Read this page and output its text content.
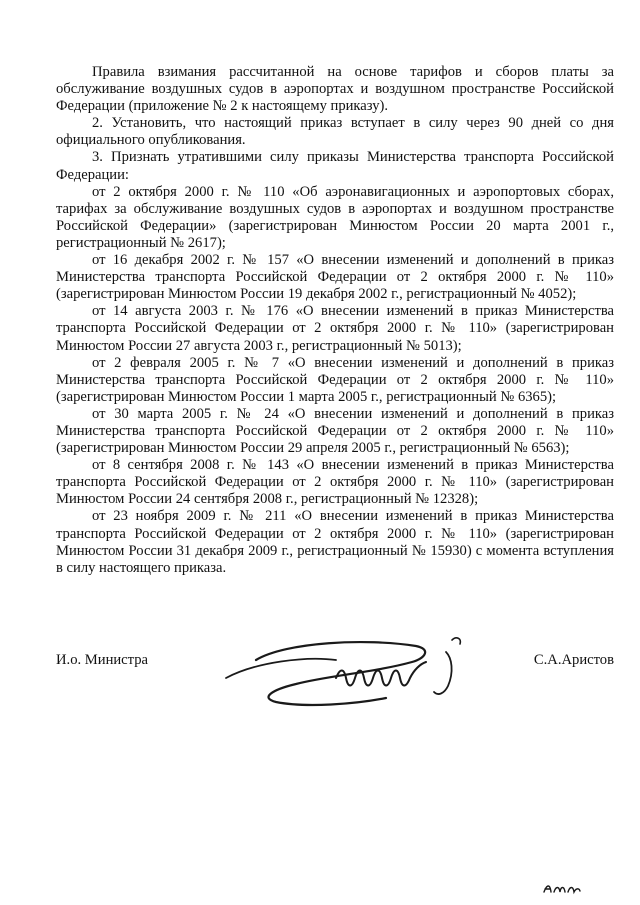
Правила взимания рассчитанной на основе тарифов и сборов платы за обслуживание воздушных судов в аэропортах и воздушном пространстве Российской Федерации (приложение № 2 к настоящему приказу).

2. Установить, что настоящий приказ вступает в силу через 90 дней со дня официального опубликования.

3. Признать утратившими силу приказы Министерства транспорта Российской Федерации:

от 2 октября 2000 г. № 110 «Об аэронавигационных и аэропортовых сборах, тарифах за обслуживание воздушных судов в аэропортах и воздушном пространстве Российской Федерации» (зарегистрирован Минюстом России 20 марта 2001 г., регистрационный № 2617);

от 16 декабря 2002 г. № 157 «О внесении изменений и дополнений в приказ Министерства транспорта Российской Федерации от 2 октября 2000 г. № 110» (зарегистрирован Минюстом России 19 декабря 2002 г., регистрационный № 4052);

от 14 августа 2003 г. № 176 «О внесении изменений в приказ Министерства транспорта Российской Федерации от 2 октября 2000 г. № 110» (зарегистрирован Минюстом России 27 августа 2003 г., регистрационный № 5013);

от 2 февраля 2005 г. № 7 «О внесении изменений и дополнений в приказ Министерства транспорта Российской Федерации от 2 октября 2000 г. № 110» (зарегистрирован Минюстом России 1 марта 2005 г., регистрационный № 6365);

от 30 марта 2005 г. № 24 «О внесении изменений и дополнений в приказ Министерства транспорта Российской Федерации от 2 октября 2000 г. № 110» (зарегистрирован Минюстом России 29 апреля 2005 г., регистрационный № 6563);

от 8 сентября 2008 г. № 143 «О внесении изменений в приказ Министерства транспорта Российской Федерации от 2 октября 2000 г. № 110» (зарегистрирован Минюстом России 24 сентября 2008 г., регистрационный № 12328);

от 23 ноября 2009 г. № 211 «О внесении изменений в приказ Министерства транспорта Российской Федерации от 2 октября 2000 г. № 110» (зарегистрирован Минюстом России 31 декабря 2009 г., регистрационный № 15930) с момента вступления в силу настоящего приказа.

И.о. Министра	С.А.Аристов
